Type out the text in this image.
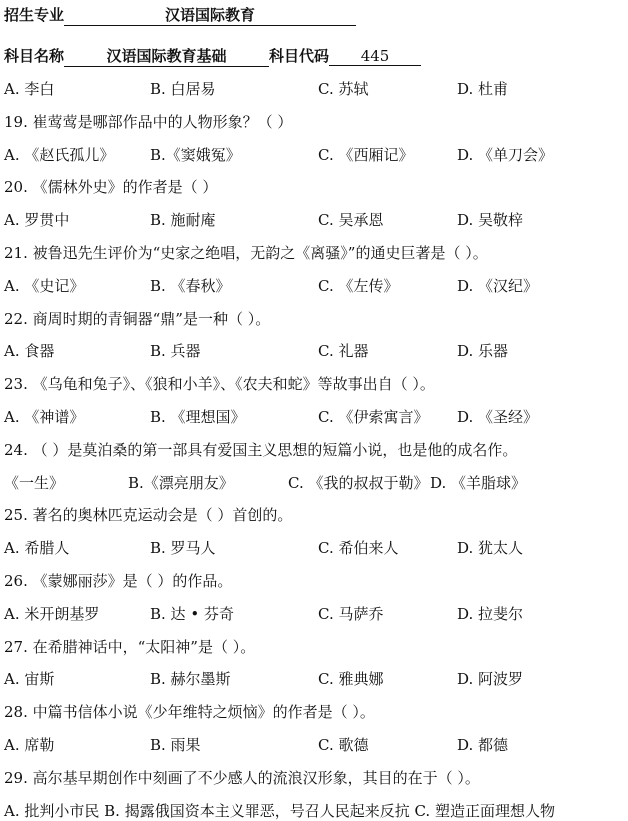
招生专业	汉语国际教育
科目名称	汉语国际教育基础	科目代码 445
A. 李白	B. 白居易	C. 苏轼	D. 杜甫
19. 崔莺莺是哪部作品中的人物形象？（ ）
A. 《赵氏孤儿》 B.《窦娥冤》	C. 《西厢记》	D. 《单刀会》
20. 《儒林外史》的作者是（ ）
A. 罗贯中	B. 施耐庵	C. 吴承恩	D. 吴敬梓
21. 被鲁迅先生评价为“史家之绝唱，无韵之《离骚》”的通史巨著是（ ）。
A. 《史记》	B. 《春秋》	C. 《左传》	D. 《汉纪》
22. 商周时期的青铜器“鼎”是一种（ ）。
A. 食器	B. 兵器	C. 礼器	D. 乐器
23. 《乌龟和兔子》、《狼和小羊》、《农夫和蛇》等故事出自（ ）。
A. 《神谱》	B. 《理想国》	C. 《伊索寓言》 D. 《圣经》
24. （ ）是莫泊桑的第一部具有爱国主义思想的短篇小说，也是他的成名作。
《一生》	B.《漂亮朋友》	C. 《我的叔叔于勒》 D. 《羊脂球》
25. 著名的奥林匹克运动会是（ ）首创的。
A. 希腊人	B. 罗马人	C. 希伯来人	D. 犹太人
26. 《蒙娜丽莎》是（ ）的作品。
A. 米开朗基罗	B. 达 • 芬奇	C. 马萨乔	D. 拉斐尔
27. 在希腊神话中，“太阳神”是（ ）。
A. 宙斯	B. 赫尔墨斯	C. 雅典娜	D. 阿波罗
28. 中篇书信体小说《少年维特之烦恼》的作者是（ ）。
A. 席勒	B. 雨果	C. 歌德	D. 都德
29. 高尔基早期创作中刻画了不少感人的流浪汉形象，其目的在于（ ）。
A. 批判小市民 B. 揭露俄国资本主义罪恶，号召人民起来反抗 C. 塑造正面理想人物
